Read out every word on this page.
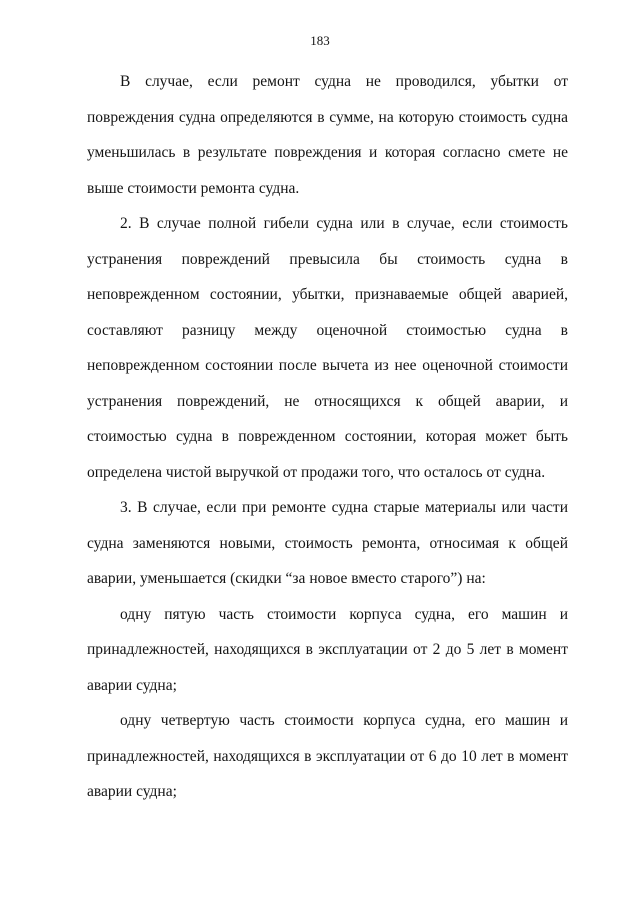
183

В случае, если ремонт судна не проводился, убытки от повреждения судна определяются в сумме, на которую стоимость судна уменьшилась в результате повреждения и которая согласно смете не выше стоимости ремонта судна.

2. В случае полной гибели судна или в случае, если стоимость устранения повреждений превысила бы стоимость судна в неповрежденном состоянии, убытки, признаваемые общей аварией, составляют разницу между оценочной стоимостью судна в неповрежденном состоянии после вычета из нее оценочной стоимости устранения повреждений, не относящихся к общей аварии, и стоимостью судна в поврежденном состоянии, которая может быть определена чистой выручкой от продажи того, что осталось от судна.

3. В случае, если при ремонте судна старые материалы или части судна заменяются новыми, стоимость ремонта, относимая к общей аварии, уменьшается (скидки “за новое вместо старого”) на:

одну пятую часть стоимости корпуса судна, его машин и принадлежностей, находящихся в эксплуатации от 2 до 5 лет в момент аварии судна;

одну четвертую часть стоимости корпуса судна, его машин и принадлежностей, находящихся в эксплуатации от 6 до 10 лет в момент аварии судна;
